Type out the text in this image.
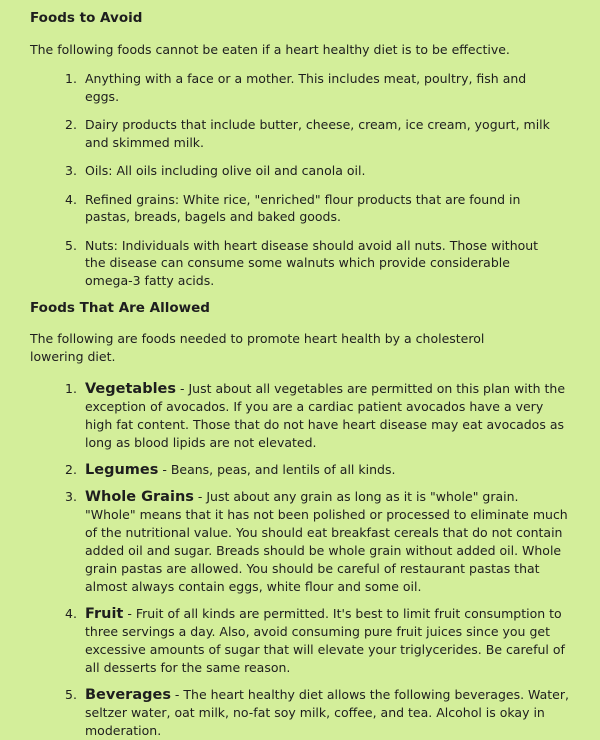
Foods to Avoid

The following foods cannot be eaten if a heart healthy diet is to be effective.

1. Anything with a face or a mother. This includes meat, poultry, fish and eggs.
2. Dairy products that include butter, cheese, cream, ice cream, yogurt, milk and skimmed milk.
3. Oils: All oils including olive oil and canola oil.
4. Refined grains: White rice, "enriched" flour products that are found in pastas, breads, bagels and baked goods.
5. Nuts: Individuals with heart disease should avoid all nuts. Those without the disease can consume some walnuts which provide considerable omega-3 fatty acids.
Foods That Are Allowed

The following are foods needed to promote heart health by a cholesterol lowering diet.

1. Vegetables - Just about all vegetables are permitted on this plan with the exception of avocados. If you are a cardiac patient avocados have a very high fat content. Those that do not have heart disease may eat avocados as long as blood lipids are not elevated.
2. Legumes - Beans, peas, and lentils of all kinds.
3. Whole Grains - Just about any grain as long as it is "whole" grain. "Whole" means that it has not been polished or processed to eliminate much of the nutritional value. You should eat breakfast cereals that do not contain added oil and sugar. Breads should be whole grain without added oil. Whole grain pastas are allowed. You should be careful of restaurant pastas that almost always contain eggs, white flour and some oil.
4. Fruit - Fruit of all kinds are permitted. It's best to limit fruit consumption to three servings a day. Also, avoid consuming pure fruit juices since you get excessive amounts of sugar that will elevate your triglycerides. Be careful of all desserts for the same reason.
5. Beverages - The heart healthy diet allows the following beverages. Water, seltzer water, oat milk, no-fat soy milk, coffee, and tea. Alcohol is okay in moderation.
